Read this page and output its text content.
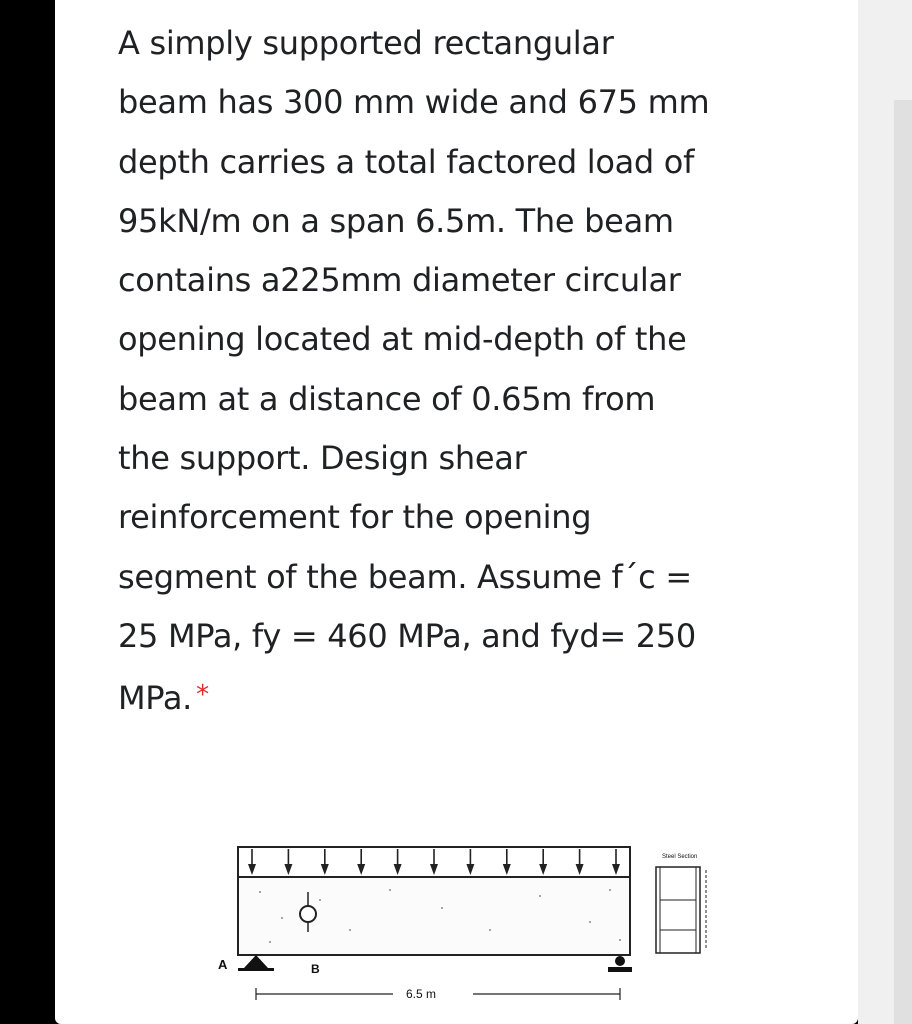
A simply supported rectangular
beam has 300 mm wide and 675 mm
depth carries a total factored load of
95kN/m on a span 6.5m. The beam
contains a225mm diameter circular
opening located at mid-depth of the
beam at a distance of 0.65m from
the support. Design shear
reinforcement for the opening
segment of the beam. Assume f´c =
25 MPa, fy = 460 MPa, and fyd= 250
MPa. *

A	B
6.5 m
Steel Section
